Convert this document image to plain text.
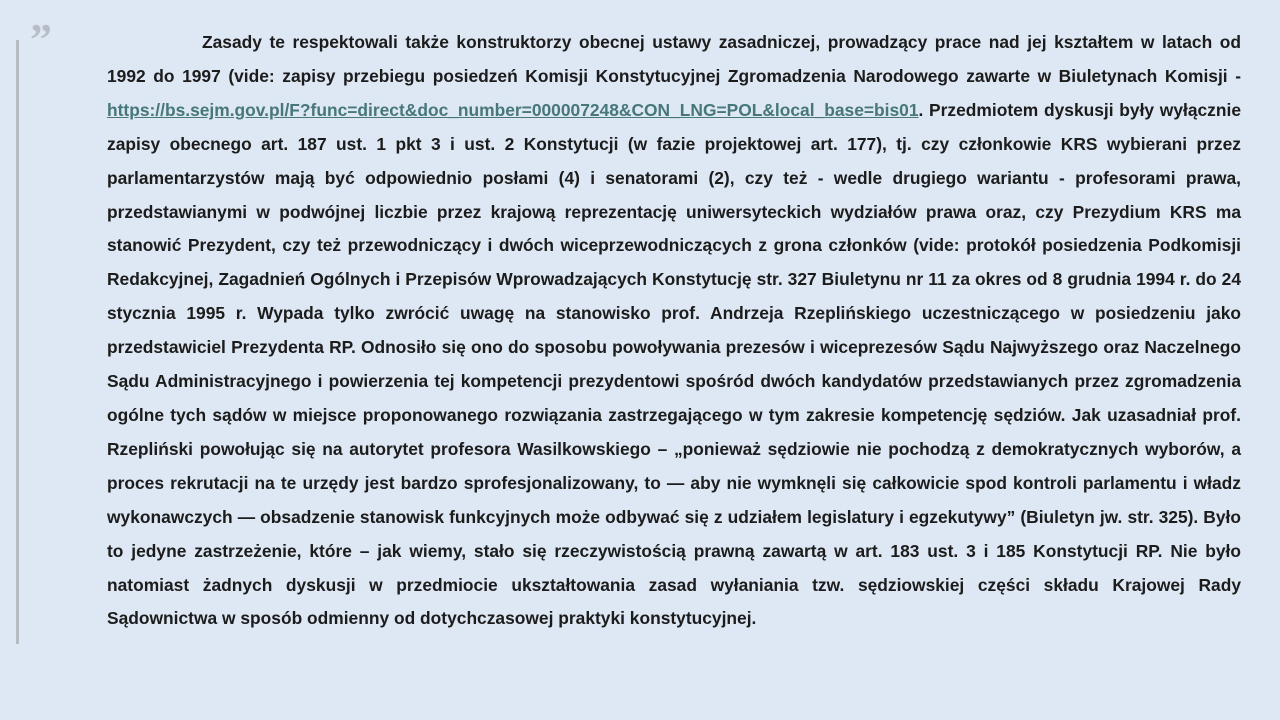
”	Zasady te respektowali także konstruktorzy obecnej ustawy zasadniczej, prowadzący prace nad jej kształtem w latach od 1992 do 1997 (vide: zapisy przebiegu posiedzeń Komisji Konstytucyjnej Zgromadzenia Narodowego zawarte w Biuletynach Komisji - https://bs.sejm.gov.pl/F?func=direct&doc_number=000007248&CON_LNG=POL&local_base=bis01. Przedmiotem dyskusji były wyłącznie zapisy obecnego art. 187 ust. 1 pkt 3 i ust. 2 Konstytucji (w fazie projektowej art. 177), tj. czy członkowie KRS wybierani przez parlamentarzystów mają być odpowiednio posłami (4) i senatorami (2), czy też - wedle drugiego wariantu - profesorami prawa, przedstawianymi w podwójnej liczbie przez krajową reprezentację uniwersyteckich wydziałów prawa oraz, czy Prezydium KRS ma stanowić Prezydent, czy też przewodniczący i dwóch wiceprzewodniczących z grona członków (vide: protokół posiedzenia Podkomisji Redakcyjnej, Zagadnień Ogólnych i Przepisów Wprowadzających Konstytucję str. 327 Biuletynu nr 11 za okres od 8 grudnia 1994 r. do 24 stycznia 1995 r. Wypada tylko zwrócić uwagę na stanowisko prof. Andrzeja Rzeplińskiego uczestniczącego w posiedzeniu jako przedstawiciel Prezydenta RP. Odnosiło się ono do sposobu powoływania prezesów i wiceprezesów Sądu Najwyższego oraz Naczelnego Sądu Administracyjnego i powierzenia tej kompetencji prezydentowi spośród dwóch kandydatów przedstawianych przez zgromadzenia ogólne tych sądów w miejsce proponowanego rozwiązania zastrzegającego w tym zakresie kompetencję sędziów. Jak uzasadniał prof. Rzepliński powołując się na autorytet profesora Wasilkowskiego – „ponieważ sędziowie nie pochodzą z demokratycznych wyborów, a proces rekrutacji na te urzędy jest bardzo sprofesjonalizowany, to — aby nie wymknęli się całkowicie spod kontroli parlamentu i władz wykonawczych — obsadzenie stanowisk funkcyjnych może odbywać się z udziałem legislatury i egzekutywy” (Biuletyn jw. str. 325). Było to jedyne zastrzeżenie, które – jak wiemy, stało się rzeczywistością prawną zawartą w art. 183 ust. 3 i 185 Konstytucji RP. Nie było natomiast żadnych dyskusji w przedmiocie ukształtowania zasad wyłaniania tzw. sędziowskiej części składu Krajowej Rady Sądownictwa w sposób odmienny od dotychczasowej praktyki konstytucyjnej.
